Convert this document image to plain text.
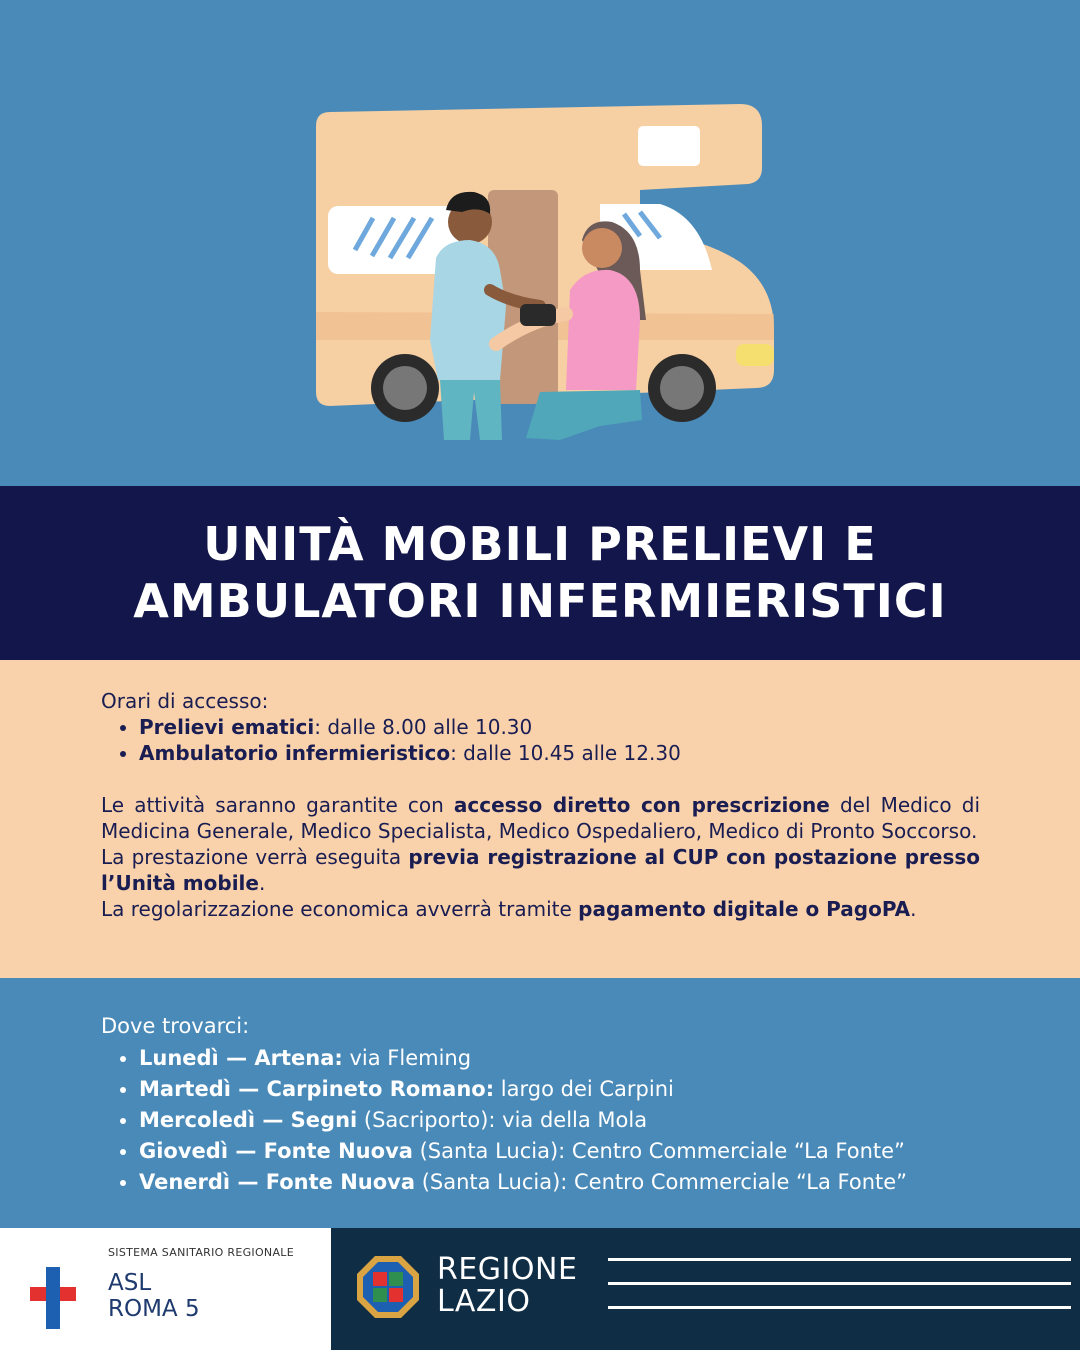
UNITÀ MOBILI PRELIEVI E
AMBULATORI INFERMIERISTICI
Orari di accesso:
• Prelievi ematici: dalle 8.00 alle 10.30
• Ambulatorio infermieristico: dalle 10.45 alle 12.30

Le attività saranno garantite con accesso diretto con prescrizione del Medico di Medicina Generale, Medico Specialista, Medico Ospedaliero, Medico di Pronto Soccorso.

La prestazione verrà eseguita previa registrazione al CUP con postazione presso l’Unità mobile.

La regolarizzazione economica avverrà tramite pagamento digitale o PagoPA.

Dove trovarci:
• Lunedì — Artena: via Fleming
• Martedì — Carpineto Romano: largo dei Carpini
• Mercoledì — Segni (Sacriporto): via della Mola
• Giovedì — Fonte Nuova (Santa Lucia): Centro Commerciale “La Fonte”
• Venerdì — Fonte Nuova (Santa Lucia): Centro Commerciale “La Fonte”
SISTEMA SANITARIO REGIONALE
ASL
ROMA 5
REGIONE
LAZIO
